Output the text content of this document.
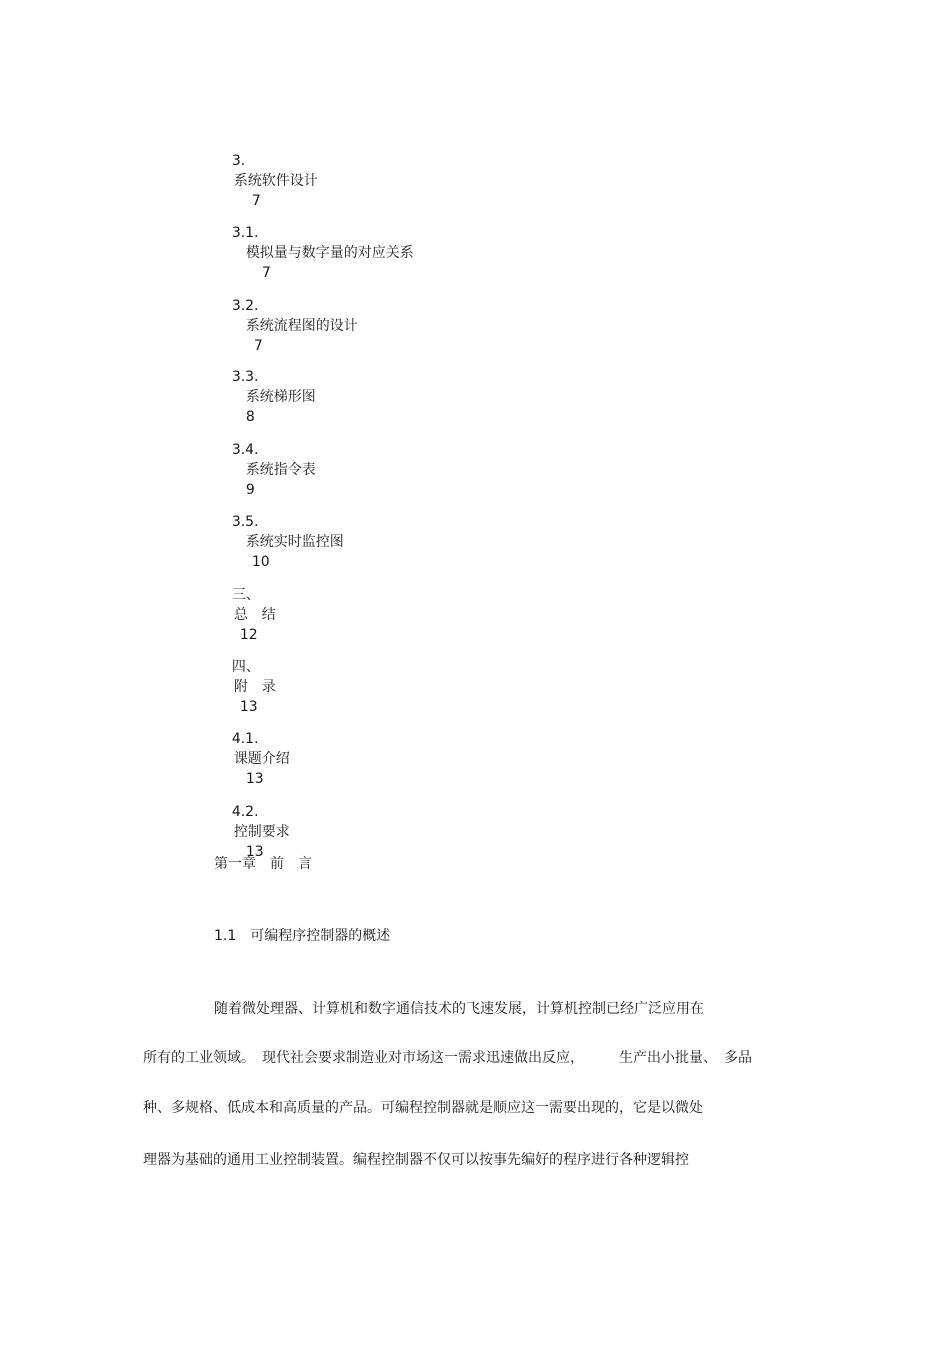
3．
系统软件设计
7

3.1．
模拟量与数字量的对应关系
7

3.2．
系统流程图的设计
7

3.3．
系统梯形图
8

3.4．
系统指令表
9

3.5．
系统实时监控图
10

三、
总　结
12

四、
附　录
13

4.1.
课题介绍
13

4.2.
控制要求
13

第一章　前　言
1.1　可编程序控制器的概述
随着微处理器、计算机和数字通信技术的飞速发展，计算机控制已经广泛应用在
所有的工业领域。　现代社会要求制造业对市场这一需求迅速做出反应，　　　生产出小批量、　多品
种、多规格、低成本和高质量的产品。可编程控制器就是顺应这一需要出现的，它是以微处
理器为基础的通用工业控制装置。编程控制器不仅可以按事先编好的程序进行各种逻辑控
